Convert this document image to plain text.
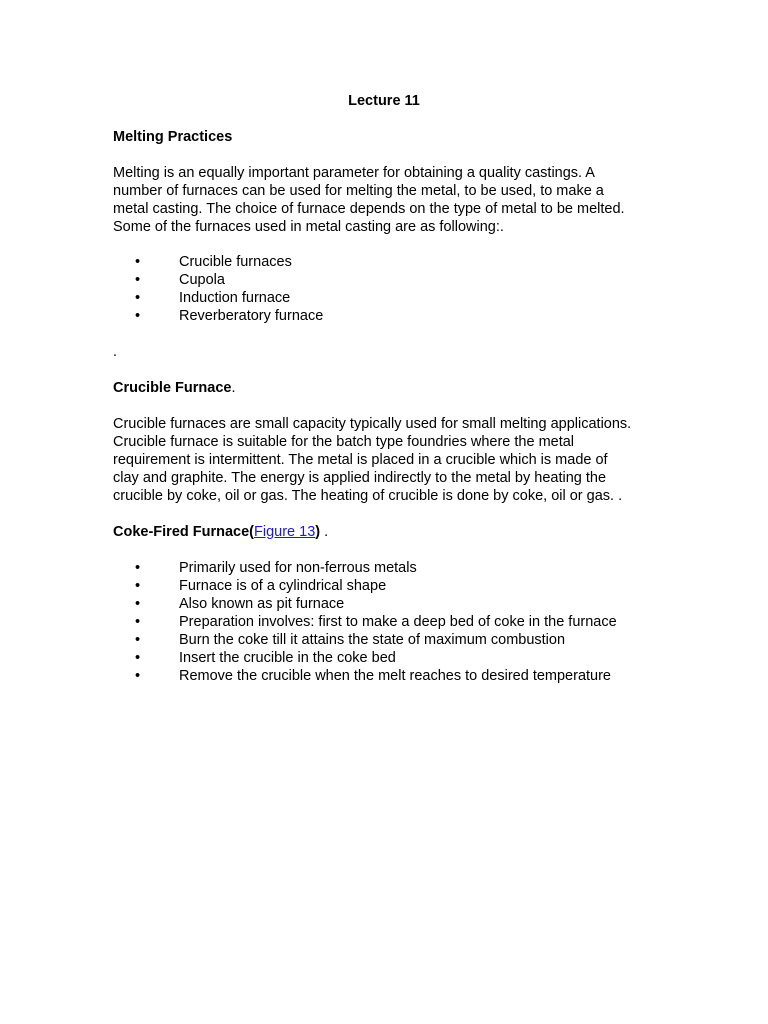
Lecture 11

Melting Practices

Melting is an equally important parameter for obtaining a quality castings. A
number of furnaces can be used for melting the metal, to be used, to make a
metal casting. The choice of furnace depends on the type of metal to be melted.
Some of the furnaces used in metal casting are as following:.

•	Crucible furnaces
•	Cupola
•	Induction furnace
•	Reverberatory furnace

.

Crucible Furnace.

Crucible furnaces are small capacity typically used for small melting applications.
Crucible furnace is suitable for the batch type foundries where the metal
requirement is intermittent. The metal is placed in a crucible which is made of
clay and graphite. The energy is applied indirectly to the metal by heating the
crucible by coke, oil or gas. The heating of crucible is done by coke, oil or gas. .

Coke-Fired Furnace(Figure 13) .

•	Primarily used for non-ferrous metals
•	Furnace is of a cylindrical shape
•	Also known as pit furnace
•	Preparation involves: first to make a deep bed of coke in the furnace
•	Burn the coke till it attains the state of maximum combustion
•	Insert the crucible in the coke bed
•	Remove the crucible when the melt reaches to desired temperature
